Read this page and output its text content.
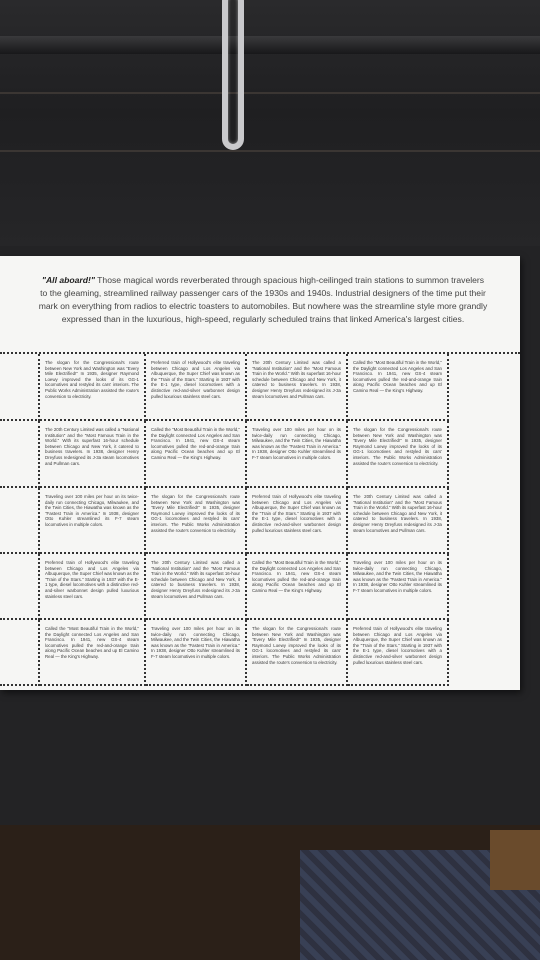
"All aboard!" Those magical words reverberated through spacious high-ceilinged train stations to summon travelers to the gleaming, streamlined railway passenger cars of the 1930s and 1940s. Industrial designers of the time put their mark on everything from radios to electric toasters to automobiles. But nowhere was the streamline style more grandly expressed than in the luxurious, high-speed, regularly scheduled trains that linked America's largest cities.
The slogan for the Congressional's route between New York and Washington was "Every Mile Electrified!" In 1935, designer Raymond Loewy improved the looks of its GG-1 locomotives and restyled its cars' interiors. The Public Works Administration assisted the route's conversion to electricity.
Preferred train of Hollywood's elite traveling between Chicago and Los Angeles via Albuquerque, the Super Chief was known as the "Train of the Stars." Starting in 1937 with the E-1 type, diesel locomotives with a distinctive red-and-silver warbonnet design pulled luxurious stainless steel cars.
The 20th Century Limited was called a "National Institution" and the "Most Famous Train in the World." With its superfast 16-hour schedule between Chicago and New York, it catered to business travelers. In 1938, designer Henry Dreyfuss redesigned its J-3a steam locomotives and Pullman cars.
Called the "Most Beautiful Train in the World," the Daylight connected Los Angeles and San Francisco. In 1941, new GS-4 steam locomotives pulled the red-and-orange train along Pacific Ocean beaches and up El Camino Real — the King's Highway.
The 20th Century Limited was called a "National Institution" and the "Most Famous Train in the World." With its superfast 16-hour schedule between Chicago and New York, it catered to business travelers. In 1938, designer Henry Dreyfuss redesigned its J-3a steam locomotives and Pullman cars.
Called the "Most Beautiful Train in the World," the Daylight connected Los Angeles and San Francisco. In 1941, new GS-4 steam locomotives pulled the red-and-orange train along Pacific Ocean beaches and up El Camino Real — the King's Highway.
Traveling over 100 miles per hour on its twice-daily run connecting Chicago, Milwaukee, and the Twin Cities, the Hiawatha was known as the "Fastest Train in America." In 1938, designer Otto Kuhler streamlined its F-7 steam locomotives in multiple colors.
The slogan for the Congressional's route between New York and Washington was "Every Mile Electrified!" In 1935, designer Raymond Loewy improved the looks of its GG-1 locomotives and restyled its cars' interiors. The Public Works Administration assisted the route's conversion to electricity.
Traveling over 100 miles per hour on its twice-daily run connecting Chicago, Milwaukee, and the Twin Cities, the Hiawatha was known as the "Fastest Train in America." In 1938, designer Otto Kuhler streamlined its F-7 steam locomotives in multiple colors.
The slogan for the Congressional's route between New York and Washington was "Every Mile Electrified!" In 1935, designer Raymond Loewy improved the looks of its GG-1 locomotives and restyled its cars' interiors. The Public Works Administration assisted the route's conversion to electricity.
Preferred train of Hollywood's elite traveling between Chicago and Los Angeles via Albuquerque, the Super Chief was known as the "Train of the Stars." Starting in 1937 with the E-1 type, diesel locomotives with a distinctive red-and-silver warbonnet design pulled luxurious stainless steel cars.
The 20th Century Limited was called a "National Institution" and the "Most Famous Train in the World." With its superfast 16-hour schedule between Chicago and New York, it catered to business travelers. In 1938, designer Henry Dreyfuss redesigned its J-3a steam locomotives and Pullman cars.
Preferred train of Hollywood's elite traveling between Chicago and Los Angeles via Albuquerque, the Super Chief was known as the "Train of the Stars." Starting in 1937 with the E-1 type, diesel locomotives with a distinctive red-and-silver warbonnet design pulled luxurious stainless steel cars.
The 20th Century Limited was called a "National Institution" and the "Most Famous Train in the World." With its superfast 16-hour schedule between Chicago and New York, it catered to business travelers. In 1938, designer Henry Dreyfuss redesigned its J-3a steam locomotives and Pullman cars.
Called the "Most Beautiful Train in the World," the Daylight connected Los Angeles and San Francisco. In 1941, new GS-4 steam locomotives pulled the red-and-orange train along Pacific Ocean beaches and up El Camino Real — the King's Highway.
Traveling over 100 miles per hour on its twice-daily run connecting Chicago, Milwaukee, and the Twin Cities, the Hiawatha was known as the "Fastest Train in America." In 1938, designer Otto Kuhler streamlined its F-7 steam locomotives in multiple colors.
Called the "Most Beautiful Train in the World," the Daylight connected Los Angeles and San Francisco. In 1941, new GS-4 steam locomotives pulled the red-and-orange train along Pacific Ocean beaches and up El Camino Real — the King's Highway.
Traveling over 100 miles per hour on its twice-daily run connecting Chicago, Milwaukee, and the Twin Cities, the Hiawatha was known as the "Fastest Train in America." In 1938, designer Otto Kuhler streamlined its F-7 steam locomotives in multiple colors.
The slogan for the Congressional's route between New York and Washington was "Every Mile Electrified!" In 1935, designer Raymond Loewy improved the looks of its GG-1 locomotives and restyled its cars' interiors. The Public Works Administration assisted the route's conversion to electricity.
Preferred train of Hollywood's elite traveling between Chicago and Los Angeles via Albuquerque, the Super Chief was known as the "Train of the Stars." Starting in 1937 with the E-1 type, diesel locomotives with a distinctive red-and-silver warbonnet design pulled luxurious stainless steel cars.
